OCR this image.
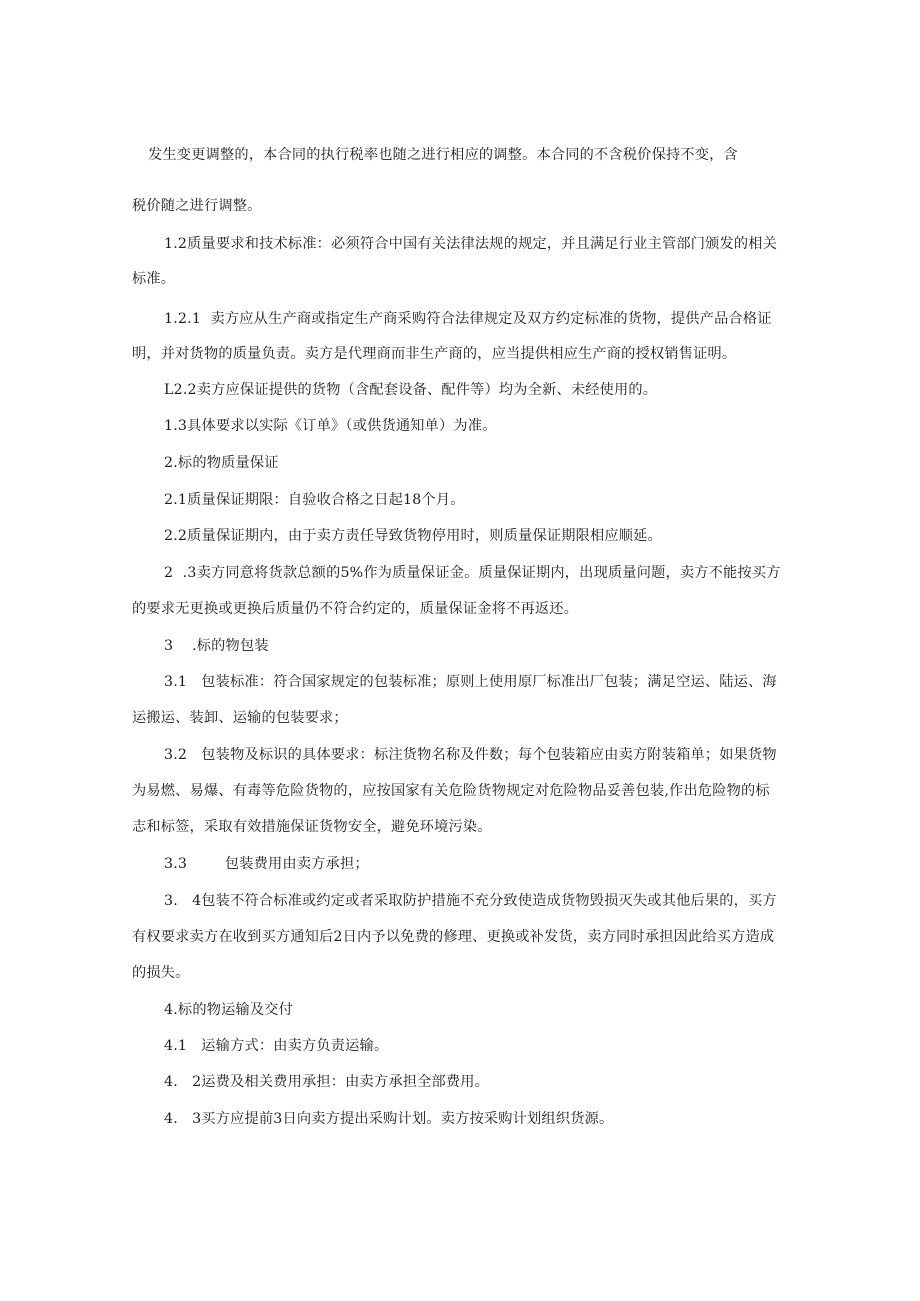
发生变更调整的，本合同的执行税率也随之进行相应的调整。本合同的不含税价保持不变，含
税价随之进行调整。
1.2质量要求和技术标准：必须符合中国有关法律法规的规定，并且满足行业主管部门颁发的相关
标准。
1.2.1  卖方应从生产商或指定生产商采购符合法律规定及双方约定标准的货物，提供产品合格证
明，并对货物的质量负责。卖方是代理商而非生产商的，应当提供相应生产商的授权销售证明。
L2.2卖方应保证提供的货物（含配套设备、配件等）均为全新、未经使用的。
1.3具体要求以实际《订单》（或供货通知单）为准。
2.标的物质量保证
2.1质量保证期限：自验收合格之日起18个月。
2.2质量保证期内，由于卖方责任导致货物停用时，则质量保证期限相应顺延。
2  .3卖方同意将货款总额的5%作为质量保证金。质量保证期内，出现质量问题，卖方不能按买方
的要求无更换或更换后质量仍不符合约定的，质量保证金将不再返还。
3    .标的物包装
3.1   包装标准：符合国家规定的包装标准；原则上使用原厂标准出厂包装；满足空运、陆运、海
运搬运、装卸、运输的包装要求；
3.2   包装物及标识的具体要求：标注货物名称及件数；每个包装箱应由卖方附装箱单；如果货物
为易燃、易爆、有毒等危险货物的，应按国家有关危险货物规定对危险物品妥善包装,作出危险物的标
志和标签，采取有效措施保证货物安全，避免环境污染。
3.3        包装费用由卖方承担；
3.   4包装不符合标准或约定或者采取防护措施不充分致使造成货物毁损灭失或其他后果的，买方
有权要求卖方在收到买方通知后2日内予以免费的修理、更换或补发货，卖方同时承担因此给买方造成
的损失。
4.标的物运输及交付
4.1   运输方式：由卖方负责运输。
4.   2运费及相关费用承担：由卖方承担全部费用。
4.   3买方应提前3日向卖方提出采购计划。卖方按采购计划组织货源。
